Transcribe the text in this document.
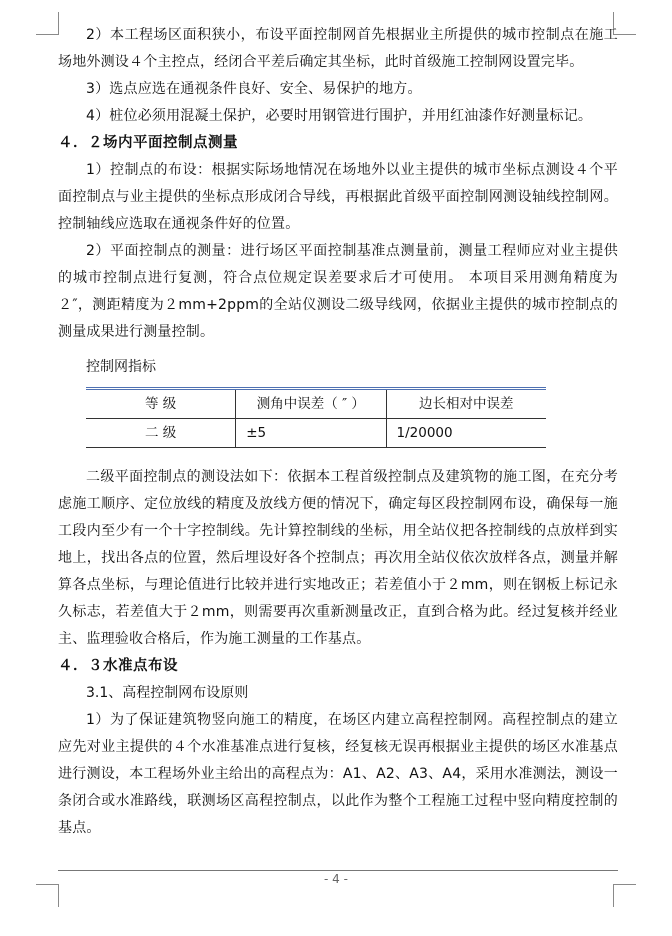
2）本工程场区面积狭小，布设平面控制网首先根据业主所提供的城市控制点在施工场地外测设４个主控点，经闭合平差后确定其坐标，此时首级施工控制网设置完毕。

3）选点应选在通视条件良好、安全、易保护的地方。

4）桩位必须用混凝土保护，必要时用钢管进行围护，并用红油漆作好测量标记。

４．２场内平面控制点测量

1）控制点的布设：根据实际场地情况在场地外以业主提供的城市坐标点测设４个平面控制点与业主提供的坐标点形成闭合导线，再根据此首级平面控制网测设轴线控制网。控制轴线应选取在通视条件好的位置。

2）平面控制点的测量：进行场区平面控制基准点测量前，测量工程师应对业主提供的城市控制点进行复测，符合点位规定误差要求后才可使用。 本项目采用测角精度为２″，测距精度为２mm+2ppm的全站仪测设二级导线网，依据业主提供的城市控制点的测量成果进行测量控制。

控制网指标

等 级	测角中误差（ ″ ）	边长相对中误差
二 级	±5	1/20000

二级平面控制点的测设法如下：依据本工程首级控制点及建筑物的施工图，在充分考虑施工顺序、定位放线的精度及放线方便的情况下，确定每区段控制网布设，确保每一施工段内至少有一个十字控制线。先计算控制线的坐标，用全站仪把各控制线的点放样到实地上，找出各点的位置，然后埋设好各个控制点；再次用全站仪依次放样各点，测量并解算各点坐标，与理论值进行比较并进行实地改正；若差值小于２mm，则在钢板上标记永久标志，若差值大于２mm，则需要再次重新测量改正，直到合格为此。经过复核并经业主、监理验收合格后，作为施工测量的工作基点。

４．３水准点布设

3.1、高程控制网布设原则

1）为了保证建筑物竖向施工的精度，在场区内建立高程控制网。高程控制点的建立应先对业主提供的４个水准基准点进行复核，经复核无误再根据业主提供的场区水准基点进行测设，本工程场外业主给出的高程点为：A1、A2、A3、A4，采用水准测法，测设一条闭合或水准路线，联测场区高程控制点，以此作为整个工程施工过程中竖向精度控制的基点。

- 4 -
